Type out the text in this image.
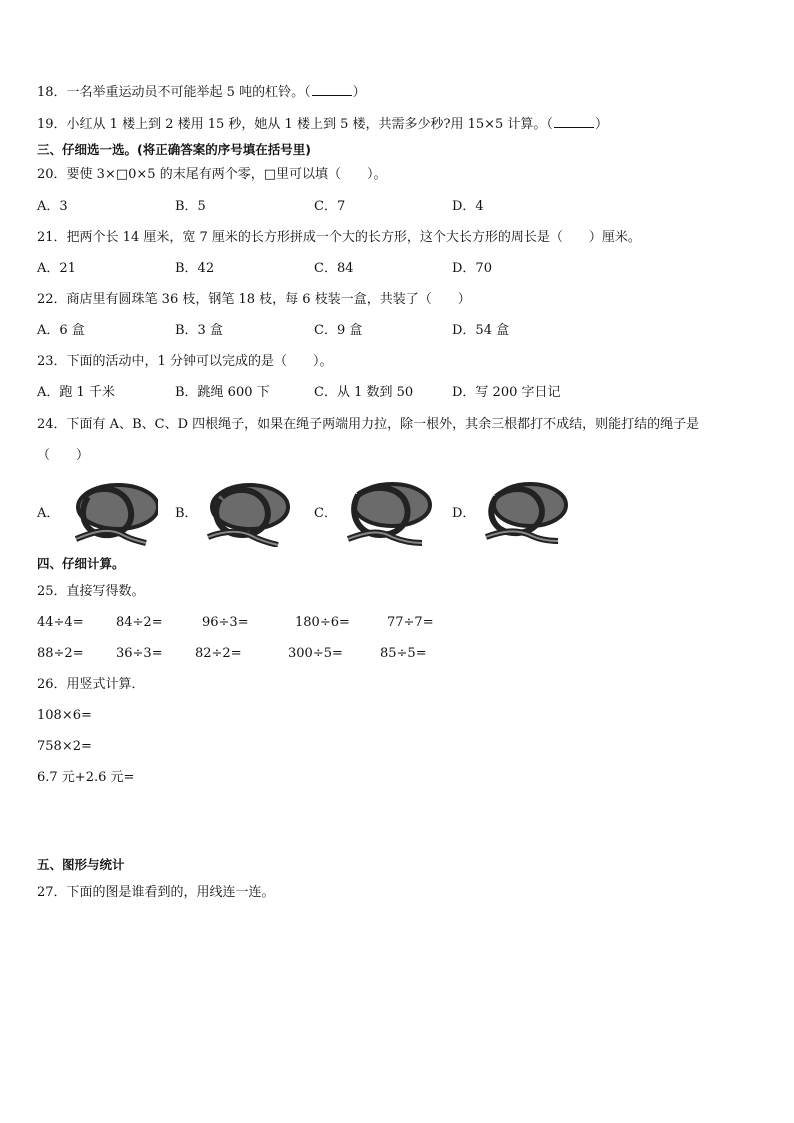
18．一名举重运动员不可能举起 5 吨的杠铃。（	）
19．小红从 1 楼上到 2 楼用 15 秒，她从 1 楼上到 5 楼，共需多少秒?用 15×5 计算。（	）
三、仔细选一选。(将正确答案的序号填在括号里)
20．要使 3×□0×5 的末尾有两个零，□里可以填（　　）。
A．3	B．5	C．7	D．4
21．把两个长 14 厘米，宽 7 厘米的长方形拼成一个大的长方形，这个大长方形的周长是（　　）厘米。
A．21	B．42	C．84	D．70
22．商店里有圆珠笔 36 枝，钢笔 18 枝，每 6 枝装一盒，共装了（　　）
A．6 盒	B．3 盒	C．9 盒	D．54 盒
23．下面的活动中，1 分钟可以完成的是（　　）。
A．跑 1 千米	B．跳绳 600 下	C．从 1 数到 50	D．写 200 字日记
24．下面有 A、B、C、D 四根绳子，如果在绳子两端用力拉，除一根外，其余三根都打不成结，则能打结的绳子是
（　　）
A．	B．	C．	D．
四、仔细计算。
25．直接写得数。
44÷4= 84÷2=	96÷3=	180÷6=	77÷7=
88÷2= 36÷3= 82÷2=	300÷5=	85÷5=
26．用竖式计算．
108×6=
758×2=
6.7 元+2.6 元=
五、图形与统计
27．下面的图是谁看到的，用线连一连。
